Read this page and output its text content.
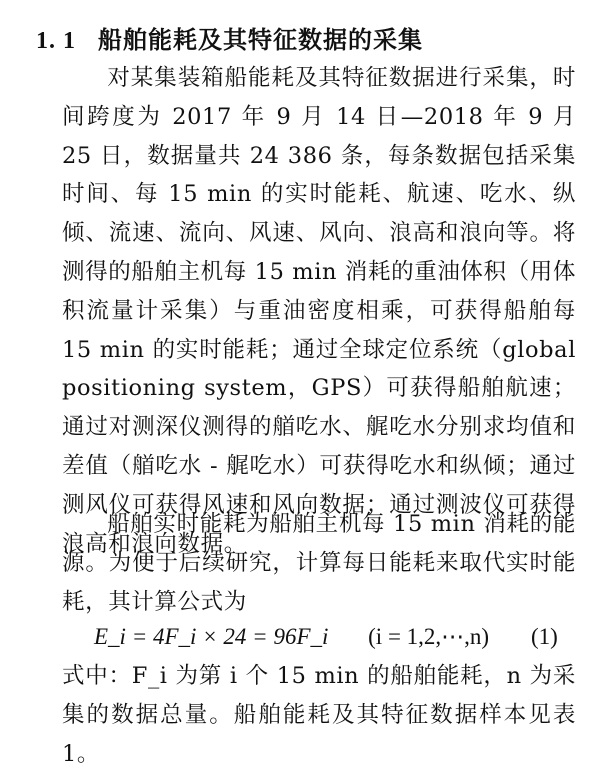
1. 1 船舶能耗及其特征数据的采集
对某集装箱船能耗及其特征数据进行采集，时间跨度为 2017 年 9 月 14 日—2018 年 9 月 25 日，数据量共 24 386 条，每条数据包括采集时间、每 15 min 的实时能耗、航速、吃水、纵倾、流速、流向、风速、风向、浪高和浪向等。将测得的船舶主机每 15 min 消耗的重油体积（用体积流量计采集）与重油密度相乘，可获得船舶每 15 min 的实时能耗；通过全球定位系统（global positioning system，GPS）可获得船舶航速；通过对测深仪测得的艏吃水、艉吃水分别求均值和差值（艏吃水 - 艉吃水）可获得吃水和纵倾；通过测风仪可获得风速和风向数据；通过测波仪可获得浪高和浪向数据。
船舶实时能耗为船舶主机每 15 min 消耗的能源。为便于后续研究，计算每日能耗来取代实时能耗，其计算公式为
E_i = 4F_i × 24 = 96F_i (i = 1,2,⋯,n) (1)
式中：F_i 为第 i 个 15 min 的船舶能耗，n 为采集的数据总量。船舶能耗及其特征数据样本见表 1。
